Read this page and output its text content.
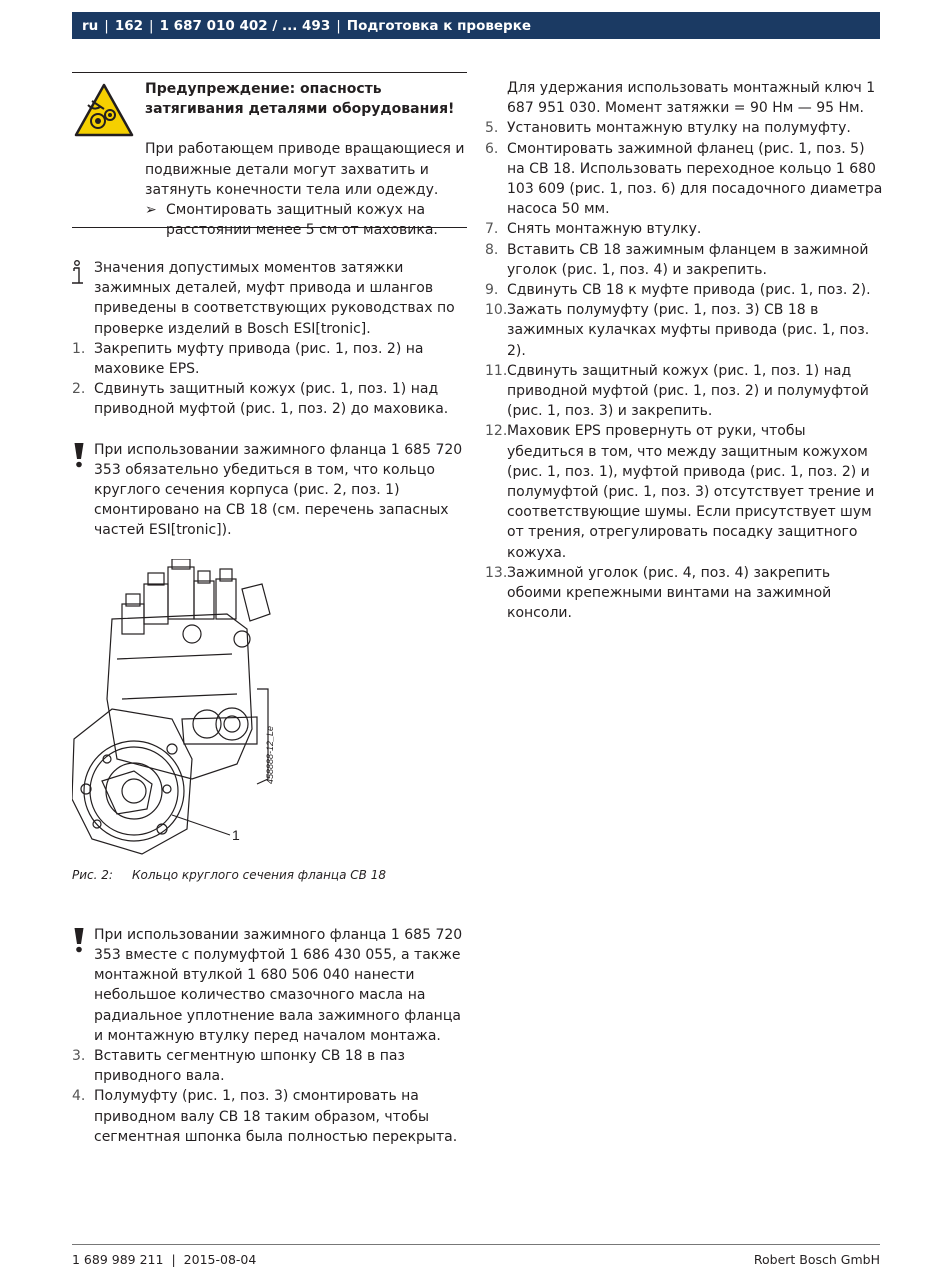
ru | 162 | 1 687 010 402 / ... 493 | Подготовка к проверке
Предупреждение: опасность затягивания деталями оборудования!
При работающем приводе вращающиеся и подвижные детали могут захватить и затянуть конечности тела или одежду.
➢ Смонтировать защитный кожух на расстоянии менее 5 см от маховика.
Значения допустимых моментов затяжки зажимных деталей, муфт привода и шлангов приведены в соответствующих руководствах по проверке изделий в Bosch ESI[tronic].
1. Закрепить муфту привода (рис. 1, поз. 2) на маховике EPS.
2. Сдвинуть защитный кожух (рис. 1, поз. 1) над приводной муфтой (рис. 1, поз. 2) до маховика.
При использовании зажимного фланца 1 685 720 353 обязательно убедиться в том, что кольцо круглого сечения корпуса (рис. 2, поз. 1) смонтировано на CB 18 (см. перечень запасных частей ESI[tronic]).
1
458888-12_Le
Рис. 2: Кольцо круглого сечения фланца CB 18
При использовании зажимного фланца 1 685 720 353 вместе с полумуфтой 1 686 430 055, а также монтажной втулкой 1 680 506 040 нанести небольшое количество смазочного масла на радиальное уплотнение вала зажимного фланца и монтажную втулку перед началом монтажа.
3. Вставить сегментную шпонку CB 18 в паз приводного вала.
4. Полумуфту (рис. 1, поз. 3) смонтировать на приводном валу CB 18 таким образом, чтобы сегментная шпонка была полностью перекрыта.
Для удержания использовать монтажный ключ 1 687 951 030. Момент затяжки = 90 Нм — 95 Нм.
5. Установить монтажную втулку на полумуфту.
6. Смонтировать зажимной фланец (рис. 1, поз. 5) на CB 18. Использовать переходное кольцо 1 680 103 609 (рис. 1, поз. 6) для посадочного диаметра насоса 50 мм.
7. Снять монтажную втулку.
8. Вставить CB 18 зажимным фланцем в зажимной уголок (рис. 1, поз. 4) и закрепить.
9. Сдвинуть CB 18 к муфте привода (рис. 1, поз. 2).
10. Зажать полумуфту (рис. 1, поз. 3) CB 18 в зажимных кулачках муфты привода (рис. 1, поз. 2).
11. Сдвинуть защитный кожух (рис. 1, поз. 1) над приводной муфтой (рис. 1, поз. 2) и полумуфтой (рис. 1, поз. 3) и закрепить.
12. Маховик EPS провернуть от руки, чтобы убедиться в том, что между защитным кожухом (рис. 1, поз. 1), муфтой привода (рис. 1, поз. 2) и полумуфтой (рис. 1, поз. 3) отсутствует трение и соответствующие шумы. Если присутствует шум от трения, отрегулировать посадку защитного кожуха.
13. Зажимной уголок (рис. 4, поз. 4) закрепить обоими крепежными винтами на зажимной консоли.
1 689 989 211 | 2015-08-04	Robert Bosch GmbH
